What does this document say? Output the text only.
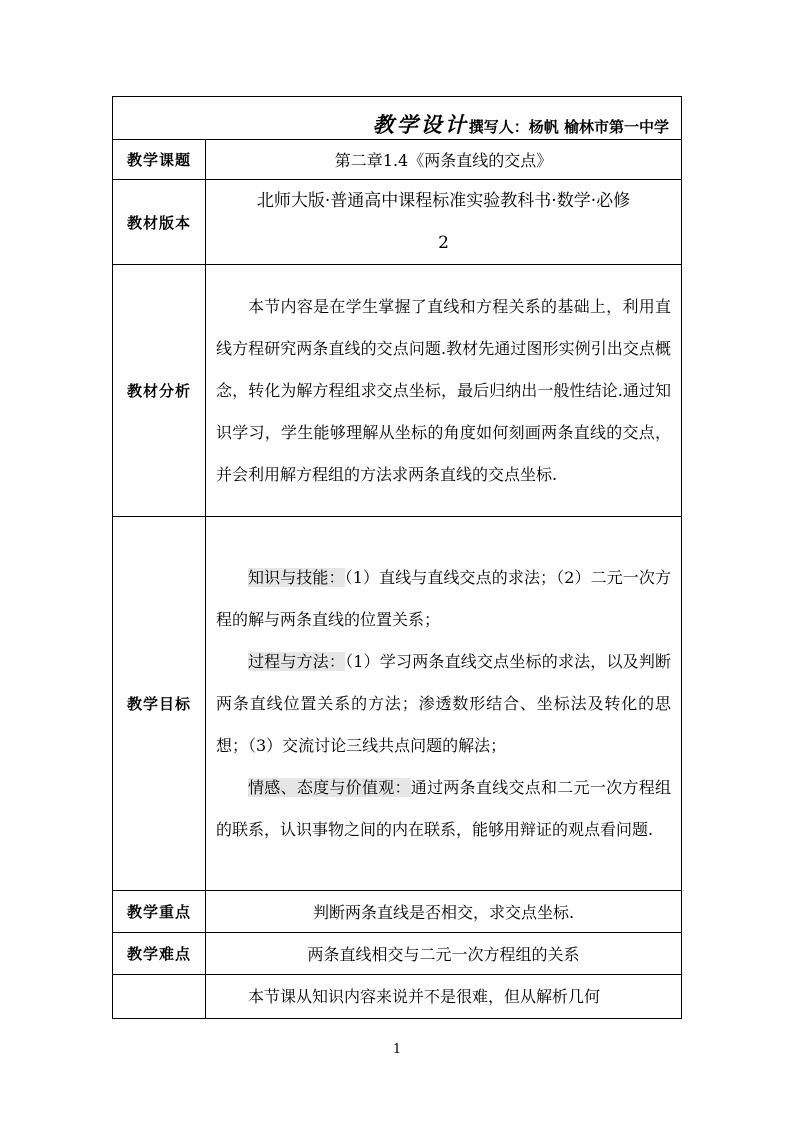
教学设计撰写人：杨帆 榆林市第一中学	
教学课题	第二章1.4《两条直线的交点》
教材版本	北师大版·普通高中课程标准实验教科书·数学·必修
2

教材分析	本节内容是在学生掌握了直线和方程关系的基础上，利用直线方程研究两条直线的交点问题.教材先通过图形实例引出交点概念，转化为解方程组求交点坐标，最后归纳出一般性结论.通过知识学习，学生能够理解从坐标的角度如何刻画两条直线的交点，并会利用解方程组的方法求两条直线的交点坐标.

教学目标	知识与技能：（1）直线与直线交点的求法；（2）二元一次方程的解与两条直线的位置关系；

过程与方法：（1）学习两条直线交点坐标的求法，以及判断两条直线位置关系的方法；渗透数形结合、坐标法及转化的思想；（3）交流讨论三线共点问题的解法；

情感、态度与价值观：通过两条直线交点和二元一次方程组的联系，认识事物之间的内在联系，能够用辩证的观点看问题.

教学重点	判断两条直线是否相交，求交点坐标.
教学难点	两条直线相交与二元一次方程组的关系

	本节课从知识内容来说并不是很难，但从解析几何

1
